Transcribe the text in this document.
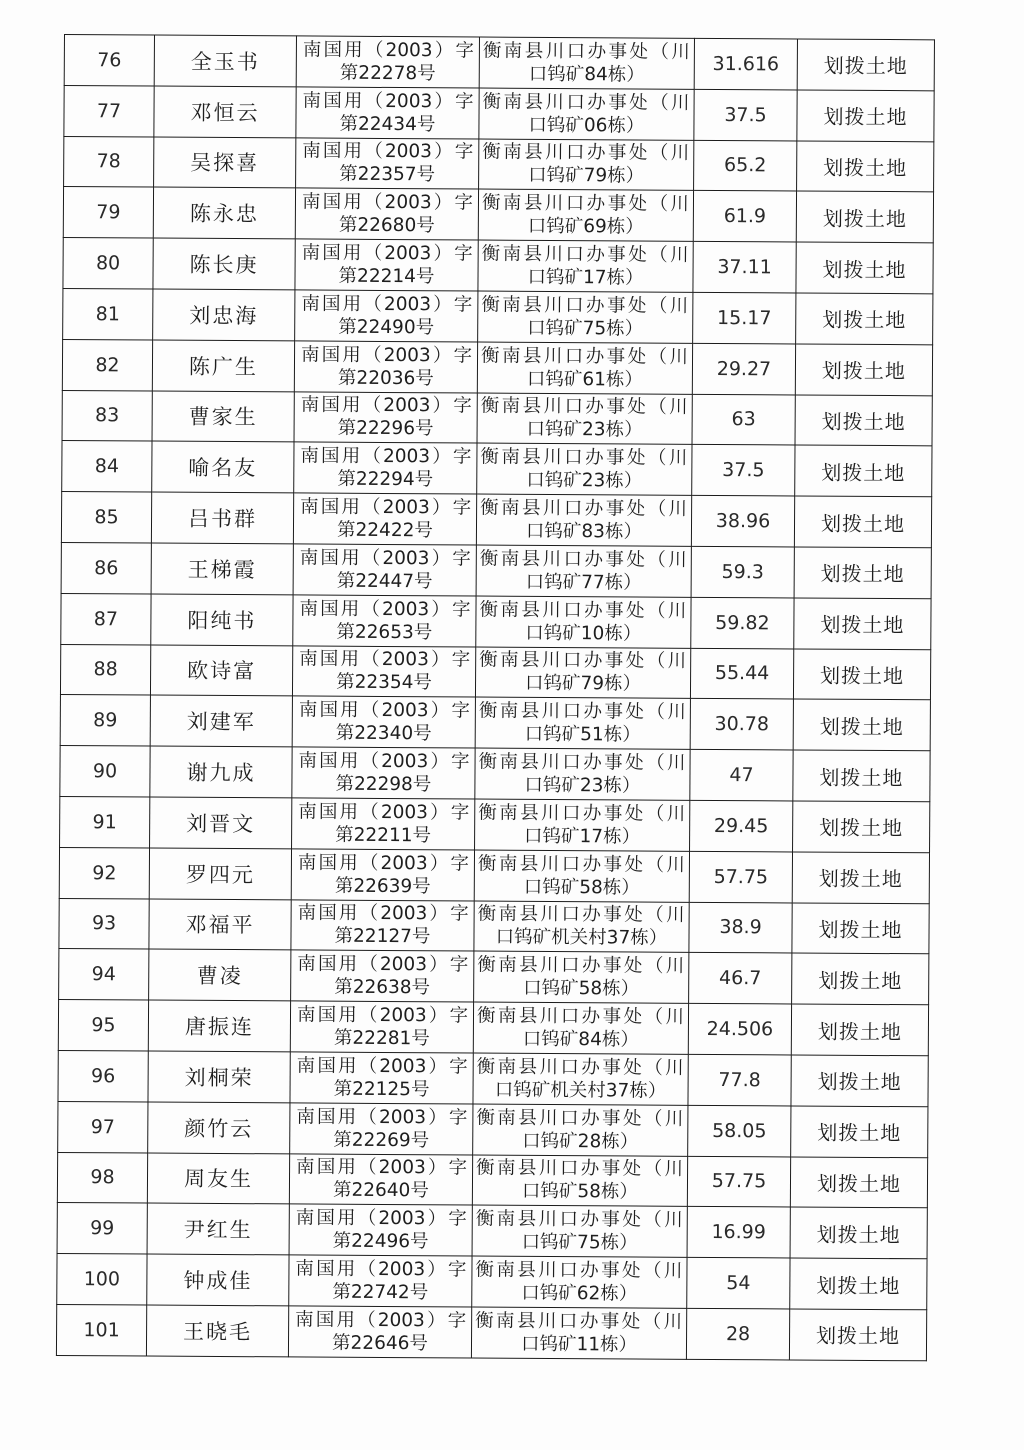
76	全玉书	南国用（2003）字
第22278号	衡南县川口办事处（川
口钨矿84栋）	31.616	划拨土地
77	邓恒云	南国用（2003）字
第22434号	衡南县川口办事处（川
口钨矿06栋）	37.5	划拨土地
78	吴探喜	南国用（2003）字
第22357号	衡南县川口办事处（川
口钨矿79栋）	65.2	划拨土地
79	陈永忠	南国用（2003）字
第22680号	衡南县川口办事处（川
口钨矿69栋）	61.9	划拨土地
80	陈长庚	南国用（2003）字
第22214号	衡南县川口办事处（川
口钨矿17栋）	37.11	划拨土地
81	刘忠海	南国用（2003）字
第22490号	衡南县川口办事处（川
口钨矿75栋）	15.17	划拨土地
82	陈广生	南国用（2003）字
第22036号	衡南县川口办事处（川
口钨矿61栋）	29.27	划拨土地
83	曹家生	南国用（2003）字
第22296号	衡南县川口办事处（川
口钨矿23栋）	63	划拨土地
84	喻名友	南国用（2003）字
第22294号	衡南县川口办事处（川
口钨矿23栋）	37.5	划拨土地
85	吕书群	南国用（2003）字
第22422号	衡南县川口办事处（川
口钨矿83栋）	38.96	划拨土地
86	王梯霞	南国用（2003）字
第22447号	衡南县川口办事处（川
口钨矿77栋）	59.3	划拨土地
87	阳纯书	南国用（2003）字
第22653号	衡南县川口办事处（川
口钨矿10栋）	59.82	划拨土地
88	欧诗富	南国用（2003）字
第22354号	衡南县川口办事处（川
口钨矿79栋）	55.44	划拨土地
89	刘建军	南国用（2003）字
第22340号	衡南县川口办事处（川
口钨矿51栋）	30.78	划拨土地
90	谢九成	南国用（2003）字
第22298号	衡南县川口办事处（川
口钨矿23栋）	47	划拨土地
91	刘晋文	南国用（2003）字
第22211号	衡南县川口办事处（川
口钨矿17栋）	29.45	划拨土地
92	罗四元	南国用（2003）字
第22639号	衡南县川口办事处（川
口钨矿58栋）	57.75	划拨土地
93	邓福平	南国用（2003）字
第22127号	衡南县川口办事处（川
口钨矿机关村37栋）	38.9	划拨土地
94	曹凌	南国用（2003）字
第22638号	衡南县川口办事处（川
口钨矿58栋）	46.7	划拨土地
95	唐振连	南国用（2003）字
第22281号	衡南县川口办事处（川
口钨矿84栋）	24.506	划拨土地
96	刘桐荣	南国用（2003）字
第22125号	衡南县川口办事处（川
口钨矿机关村37栋）	77.8	划拨土地
97	颜竹云	南国用（2003）字
第22269号	衡南县川口办事处（川
口钨矿28栋）	58.05	划拨土地
98	周友生	南国用（2003）字
第22640号	衡南县川口办事处（川
口钨矿58栋）	57.75	划拨土地
99	尹红生	南国用（2003）字
第22496号	衡南县川口办事处（川
口钨矿75栋）	16.99	划拨土地
100	钟成佳	南国用（2003）字
第22742号	衡南县川口办事处（川
口钨矿62栋）	54	划拨土地
101	王晓毛	南国用（2003）字
第22646号	衡南县川口办事处（川
口钨矿11栋）	28	划拨土地
